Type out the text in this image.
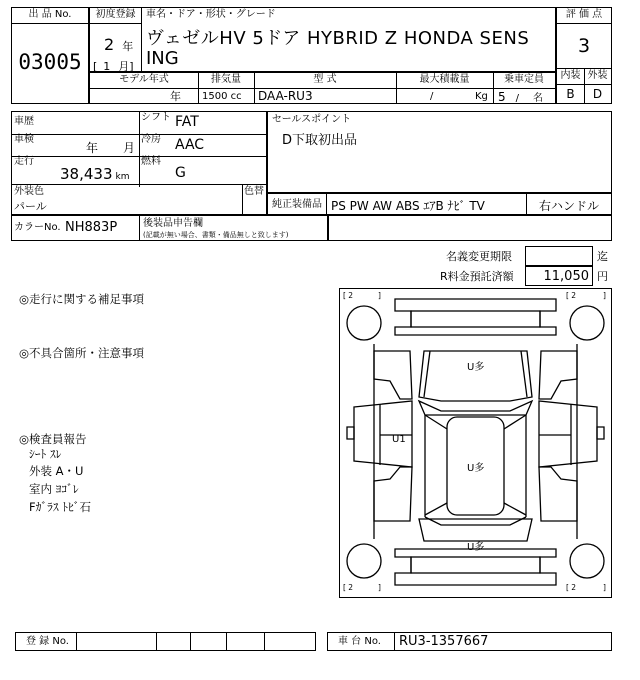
出 品 No.
03005
初度登録
2 年
[ 1 月]
車名・ドア・形状・グレード
ヴェゼルHV 5ドア HYBRID Z HONDA SENS
ING
評 価 点
3
内装 外装
B	D
モデル年式
年
排気量
1500 cc
型 式
DAA-RU3
最大積載量
/	Kg
乗車定員
5 / 名
車歴	シフト FAT
車検
年 月
冷房 AAC
走行
38,433 km
燃料
G
外装色
パール
色替
セールスポイント
D下取初出品
純正装備品 PS PW AW ABS ｴｱB ﾅﾋﾞ TV	右ハンドル
カラーNo. NH883P	後装品申告欄
(記載が無い場合、書類・備品無しと致します)
名義変更期限	迄
R料金預託済額 11,050 円
◎走行に関する補足事項
◎不具合箇所・注意事項
◎検査員報告
ｼｰﾄ ｽﾚ
外装 A・U
室内 ﾖｺﾞﾚ
Fｶﾞﾗｽ ﾄﾋﾞ石
[ 2	]	[ 2	]
[ 2	]	[ 2	]
U多
U1
U多
U多
登 録 No.	車 台 No. RU3-1357667
